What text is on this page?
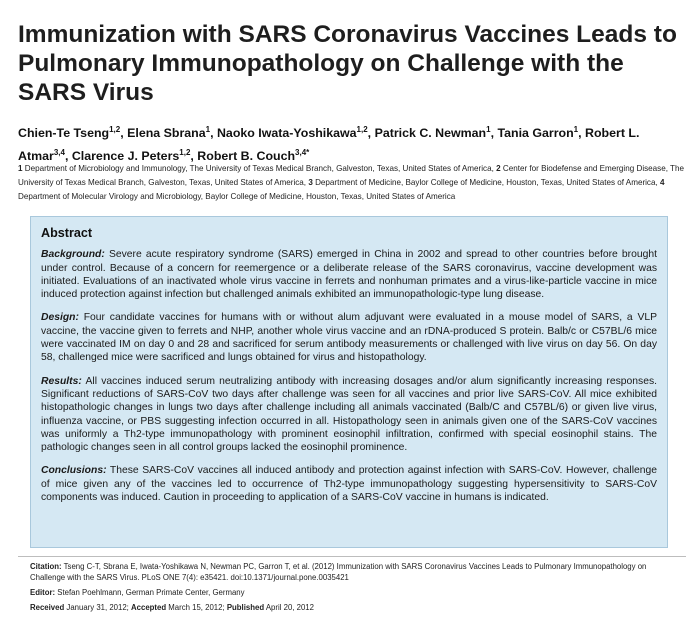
Immunization with SARS Coronavirus Vaccines Leads to Pulmonary Immunopathology on Challenge with the SARS Virus
Chien-Te Tseng$^{1,2}$, Elena Sbrana$^1$, Naoko Iwata-Yoshikawa$^{1,2}$, Patrick C. Newman$^1$, Tania Garron$^1$, Robert L. Atmar$^{3,4}$, Clarence J. Peters$^{1,2}$, Robert B. Couch$^{3,4*}$
1 Department of Microbiology and Immunology, The University of Texas Medical Branch, Galveston, Texas, United States of America, 2 Center for Biodefense and Emerging Disease, The University of Texas Medical Branch, Galveston, Texas, United States of America, 3 Department of Medicine, Baylor College of Medicine, Houston, Texas, United States of America, 4 Department of Molecular Virology and Microbiology, Baylor College of Medicine, Houston, Texas, United States of America
Abstract

Background: Severe acute respiratory syndrome (SARS) emerged in China in 2002 and spread to other countries before brought under control. Because of a concern for reemergence or a deliberate release of the SARS coronavirus, vaccine development was initiated. Evaluations of an inactivated whole virus vaccine in ferrets and nonhuman primates and a virus-like-particle vaccine in mice induced protection against infection but challenged animals exhibited an immunopathologic-type lung disease.

Design: Four candidate vaccines for humans with or without alum adjuvant were evaluated in a mouse model of SARS, a VLP vaccine, the vaccine given to ferrets and NHP, another whole virus vaccine and an rDNA-produced S protein. Balb/c or C57BL/6 mice were vaccinated IM on day 0 and 28 and sacrificed for serum antibody measurements or challenged with live virus on day 56. On day 58, challenged mice were sacrificed and lungs obtained for virus and histopathology.

Results: All vaccines induced serum neutralizing antibody with increasing dosages and/or alum significantly increasing responses. Significant reductions of SARS-CoV two days after challenge was seen for all vaccines and prior live SARS-CoV. All mice exhibited histopathologic changes in lungs two days after challenge including all animals vaccinated (Balb/C and C57BL/6) or given live virus, influenza vaccine, or PBS suggesting infection occurred in all. Histopathology seen in animals given one of the SARS-CoV vaccines was uniformly a Th2-type immunopathology with prominent eosinophil infiltration, confirmed with special eosinophil stains. The pathologic changes seen in all control groups lacked the eosinophil prominence.

Conclusions: These SARS-CoV vaccines all induced antibody and protection against infection with SARS-CoV. However, challenge of mice given any of the vaccines led to occurrence of Th2-type immunopathology suggesting hypersensitivity to SARS-CoV components was induced. Caution in proceeding to application of a SARS-CoV vaccine in humans is indicated.

Citation: Tseng C-T, Sbrana E, Iwata-Yoshikawa N, Newman PC, Garron T, et al. (2012) Immunization with SARS Coronavirus Vaccines Leads to Pulmonary Immunopathology on Challenge with the SARS Virus. PLoS ONE 7(4): e35421. doi:10.1371/journal.pone.0035421
Editor: Stefan Poehlmann, German Primate Center, Germany
Received January 31, 2012; Accepted March 15, 2012; Published April 20, 2012
